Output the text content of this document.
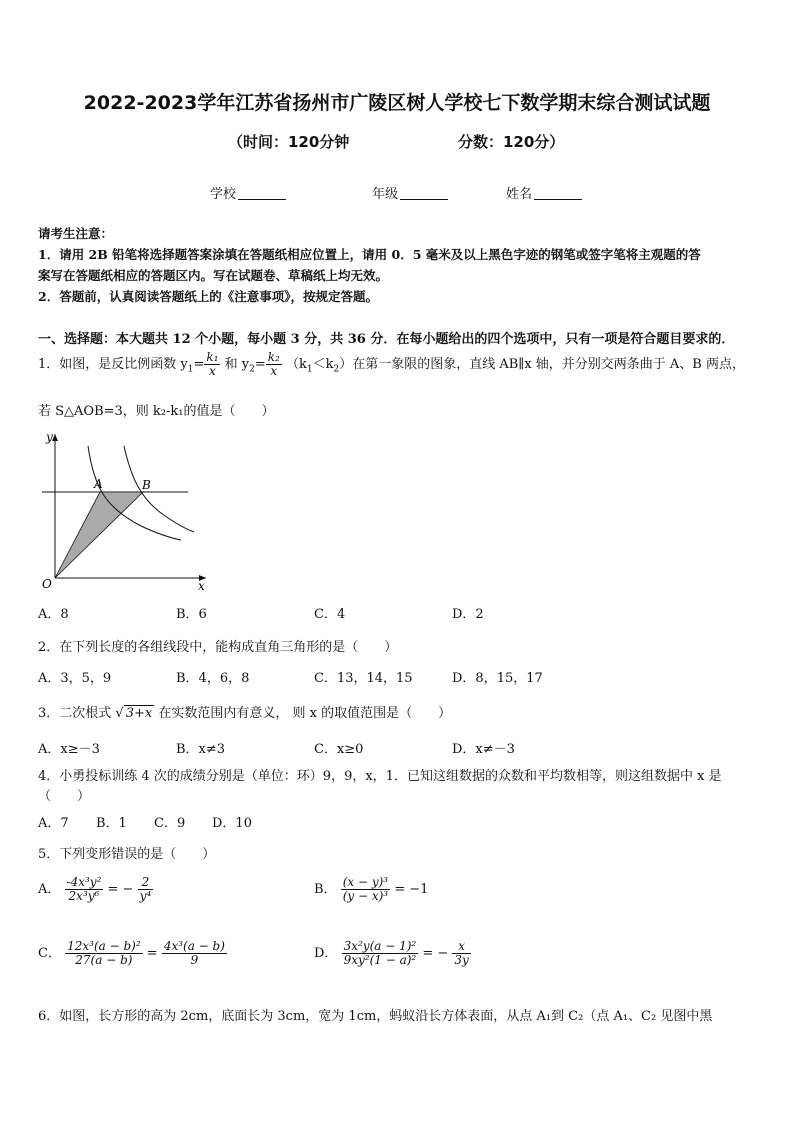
2022-2023学年江苏省扬州市广陵区树人学校七下数学期末综合测试试题
（时间：120分钟	分数：120分）
学校	年级	姓名
请考生注意：
1．请用 2B 铅笔将选择题答案涂填在答题纸相应位置上，请用 0．5 毫米及以上黑色字迹的钢笔或签字笔将主观题的答
案写在答题纸相应的答题区内。写在试题卷、草稿纸上均无效。
2．答题前，认真阅读答题纸上的《注意事项》，按规定答题。
一、选择题：本大题共 12 个小题，每小题 3 分，共 36 分．在每小题给出的四个选项中，只有一项是符合题目要求的．
1．如图，是反比例函数 $y_1= \frac{\text{k₁}}{x}$ 和 $y_2= \frac{\text{k₂}}{x} (k_1<k_2)$在第一象限的图象，直线 AB∥x 轴，并分别交两条曲于 A、B 两点，
若 S△AOB=3，则 k₂-k₁的值是（　　）
y
x
O
A	B
A．8	B．6	C．4	D．2
2．在下列长度的各组线段中，能构成直角三角形的是（　　）
A．3，5，9	B．4，6，8	C．13，14，15	D．8，15，17
3．二次根式 √ 3+x 在实数范围内有意义， 则 x 的取值范围是（　　）
A．x≥－3	B．x≠3	C．x≥0	D．x≠－3
4．小勇投标训练 4 次的成绩分别是（单位：环）9，9，x，1．已知这组数据的众数和平均数相等，则这组数据中 x 是
（　　）
A．7 B．1 C．9 D．10
5．下列变形错误的是（　　）
A． $\frac{\text{-4x³y²}}{\text{2x³y⁶}}$ = − $\frac{2}{\text{y⁴}}$	B． $\frac{\text{(x − y)³}}{\text{(y − x)³}} = -1$
C． $\frac{\text{12x³(a − b)²}}{27(a - b)} = \frac{\text{4x³(a − b)}}{9}$	D． $\frac{\text{3x²y(a − 1)²}}{\text{9xy²(1 − a)²}}$ = − $\frac{x}{3y}$
6．如图，长方形的高为 2cm，底面长为 3cm，宽为 1cm，蚂蚁沿长方体表面，从点 A₁到 C₂（点 A₁、C₂ 见图中黑
